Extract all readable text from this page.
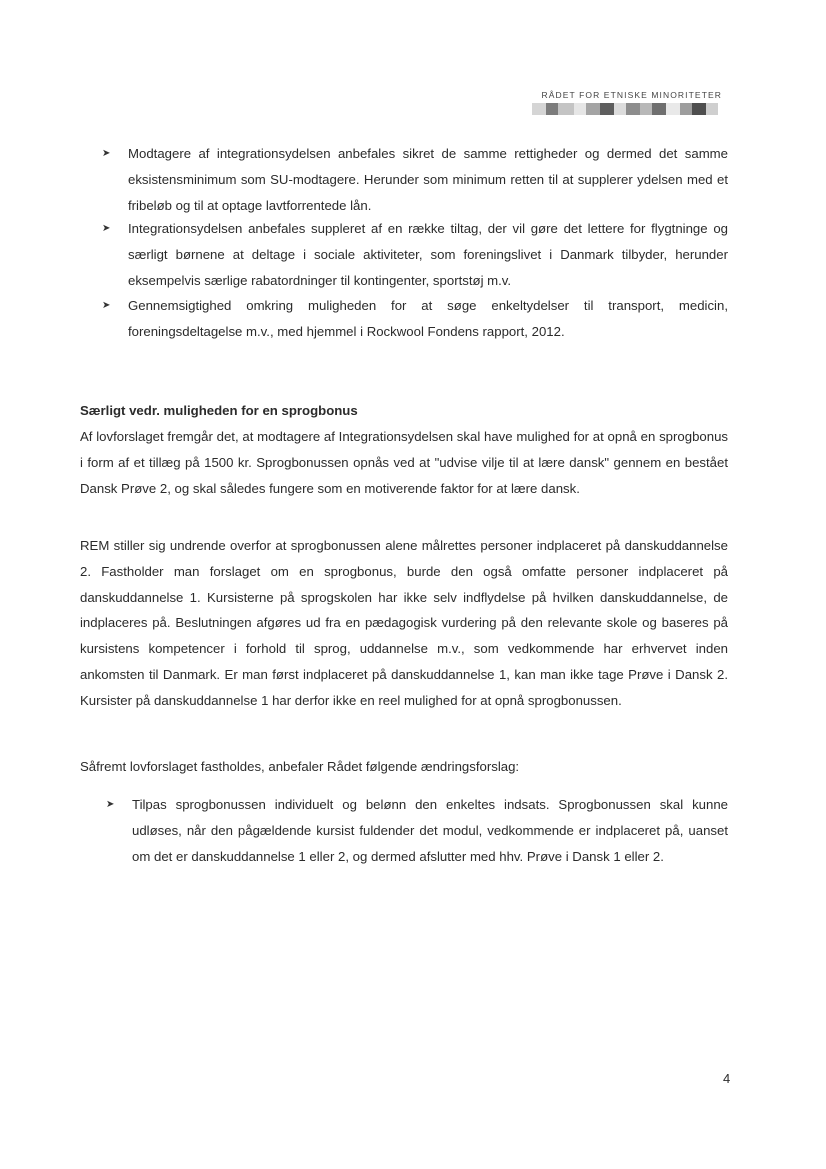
RÅDET FOR ETNISKE MINORITETER
➤	Modtagere af integrationsydelsen anbefales sikret de samme rettigheder og dermed det samme eksistensminimum som SU-modtagere. Herunder som minimum retten til at supplerer ydelsen med et fribeløb og til at optage lavtforrentede lån.
➤	Integrationsydelsen anbefales suppleret af en række tiltag, der vil gøre det lettere for flygtninge og særligt børnene at deltage i sociale aktiviteter, som foreningslivet i Danmark tilbyder, herunder eksempelvis særlige rabatordninger til kontingenter, sportstøj m.v.
➤	Gennemsigtighed omkring muligheden for at søge enkeltydelser til transport, medicin, foreningsdeltagelse m.v., med hjemmel i Rockwool Fondens rapport, 2012.
Særligt vedr. muligheden for en sprogbonus
Af lovforslaget fremgår det, at modtagere af Integrationsydelsen skal have mulighed for at opnå en sprogbonus i form af et tillæg på 1500 kr. Sprogbonussen opnås ved at "udvise vilje til at lære dansk" gennem en bestået Dansk Prøve 2, og skal således fungere som en motiverende faktor for at lære dansk.
REM stiller sig undrende overfor at sprogbonussen alene målrettes personer indplaceret på danskuddannelse 2. Fastholder man forslaget om en sprogbonus, burde den også omfatte personer indplaceret på danskuddannelse 1. Kursisterne på sprogskolen har ikke selv indflydelse på hvilken danskuddannelse, de indplaceres på. Beslutningen afgøres ud fra en pædagogisk vurdering på den relevante skole og baseres på kursistens kompetencer i forhold til sprog, uddannelse m.v., som vedkommende har erhvervet inden ankomsten til Danmark. Er man først indplaceret på danskuddannelse 1, kan man ikke tage Prøve i Dansk 2. Kursister på danskuddannelse 1 har derfor ikke en reel mulighed for at opnå sprogbonussen.
Såfremt lovforslaget fastholdes, anbefaler Rådet følgende ændringsforslag:
➤	Tilpas sprogbonussen individuelt og belønn den enkeltes indsats. Sprogbonussen skal kunne udløses, når den pågældende kursist fuldender det modul, vedkommende er indplaceret på, uanset om det er danskuddannelse 1 eller 2, og dermed afslutter med hhv. Prøve i Dansk 1 eller 2.
4
